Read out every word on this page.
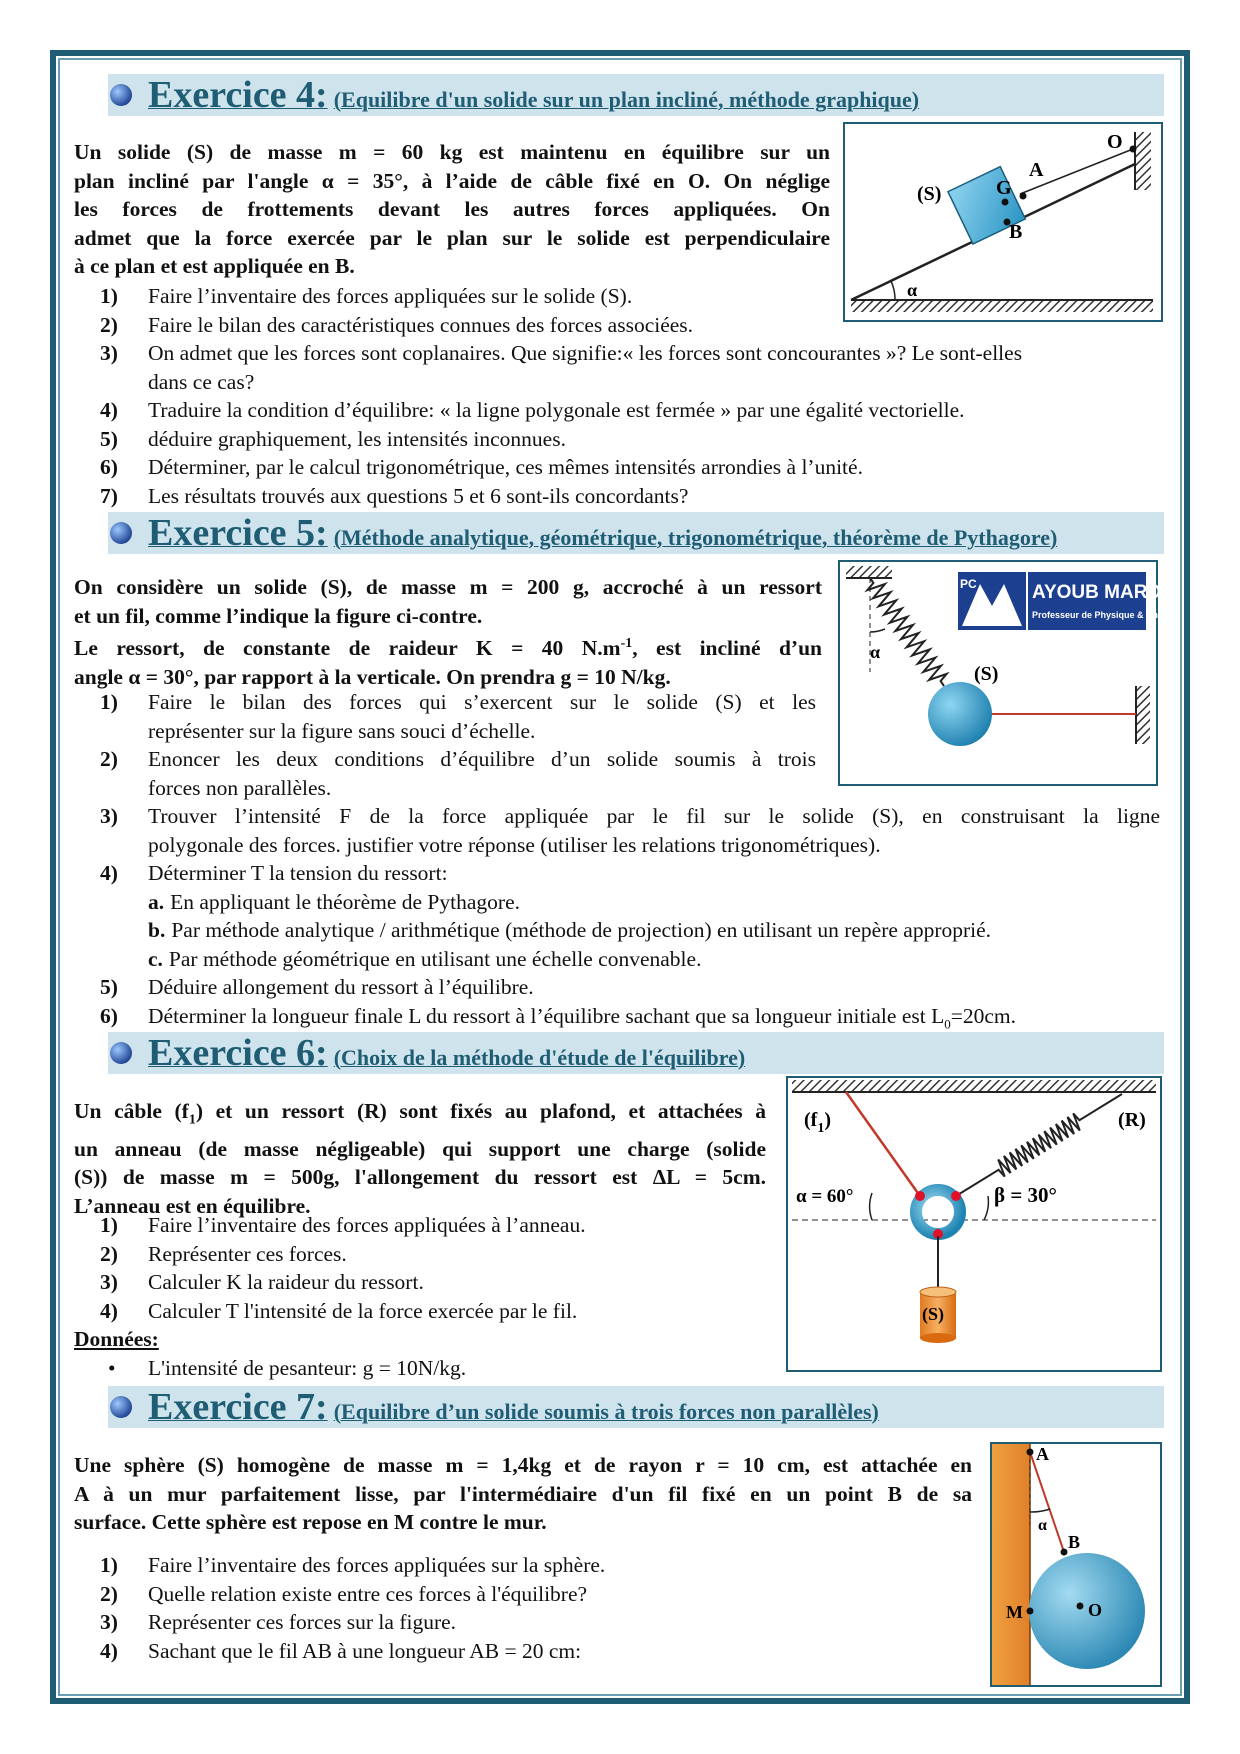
Exercice 4: (Equilibre d'un solide sur un plan incliné, méthode graphique)
Un solide (S) de masse m = 60 kg est maintenu en équilibre sur un
plan incliné par l'angle α = 35°, à l’aide de câble fixé en O. On néglige
les forces de frottements devant les autres forces appliquées. On
admet que la force exercée par le plan sur le solide est perpendiculaire
à ce plan et est appliquée en B.
O
A
G
B
(S)
α
1) Faire l’inventaire des forces appliquées sur le solide (S).
2) Faire le bilan des caractéristiques connues des forces associées.
3) On admet que les forces sont coplanaires. Que signifie:« les forces sont concourantes »? Le sont-elles
dans ce cas?
4) Traduire la condition d’équilibre: « la ligne polygonale est fermée » par une égalité vectorielle.
5) déduire graphiquement, les intensités inconnues.
6) Déterminer, par le calcul trigonométrique, ces mêmes intensités arrondies à l’unité.
7) Les résultats trouvés aux questions 5 et 6 sont-ils concordants?
Exercice 5: (Méthode analytique, géométrique, trigonométrique, théorème de Pythagore)
On considère un solide (S), de masse m = 200 g, accroché à un ressort
et un fil, comme l’indique la figure ci-contre.
Le ressort, de constante de raideur K = 40 $N.m^{-1}$, est incliné d’un
angle α = 30°, par rapport à la verticale. On prendra g = 10 N/kg.
α
(S)
PC	AYOUB MARDI
Professeur de Physique & Chimie
1) Faire le bilan des forces qui s’exercent sur le solide (S) et les
représenter sur la figure sans souci d’échelle.
2) Enoncer les deux conditions d’équilibre d’un solide soumis à trois
forces non parallèles.
3) Trouver l’intensité F de la force appliquée par le fil sur le solide (S), en construisant la ligne
polygonale des forces. justifier votre réponse (utiliser les relations trigonométriques).
4) Déterminer T la tension du ressort:
a. En appliquant le théorème de Pythagore.
b. Par méthode analytique / arithmétique (méthode de projection) en utilisant un repère approprié.
c. Par méthode géométrique en utilisant une échelle convenable.
5) Déduire allongement du ressort à l’équilibre.
6) Déterminer la longueur finale L du ressort à l’équilibre sachant que sa longueur initiale est $L_0=20cm$.
Exercice 6: (Choix de la méthode d'étude de l'équilibre)
Un câble $(f_1)$ et un ressort (R) sont fixés au plafond, et attachées à
un anneau (de masse négligeable) qui support une charge (solide
(S)) de masse m = 500g, l'allongement du ressort est ΔL = 5cm.
L’anneau est en équilibre.
$(f_1)$	(R)
α = 60°	β = 30°
(S)
1) Faire l’inventaire des forces appliquées à l’anneau.
2) Représenter ces forces.
3) Calculer K la raideur du ressort.
4) Calculer T l'intensité de la force exercée par le fil.
Données:
• L'intensité de pesanteur: g = 10N/kg.
Exercice 7: (Equilibre d’un solide soumis à trois forces non parallèles)
Une sphère (S) homogène de masse m = 1,4kg et de rayon r = 10 cm, est attachée en
A à un mur parfaitement lisse, par l'intermédiaire d'un fil fixé en un point B de sa
surface. Cette sphère est repose en M contre le mur.
A
B
M	O
α
1) Faire l’inventaire des forces appliquées sur la sphère.
2) Quelle relation existe entre ces forces à l'équilibre?
3) Représenter ces forces sur la figure.
4) Sachant que le fil AB à une longueur AB = 20 cm:
